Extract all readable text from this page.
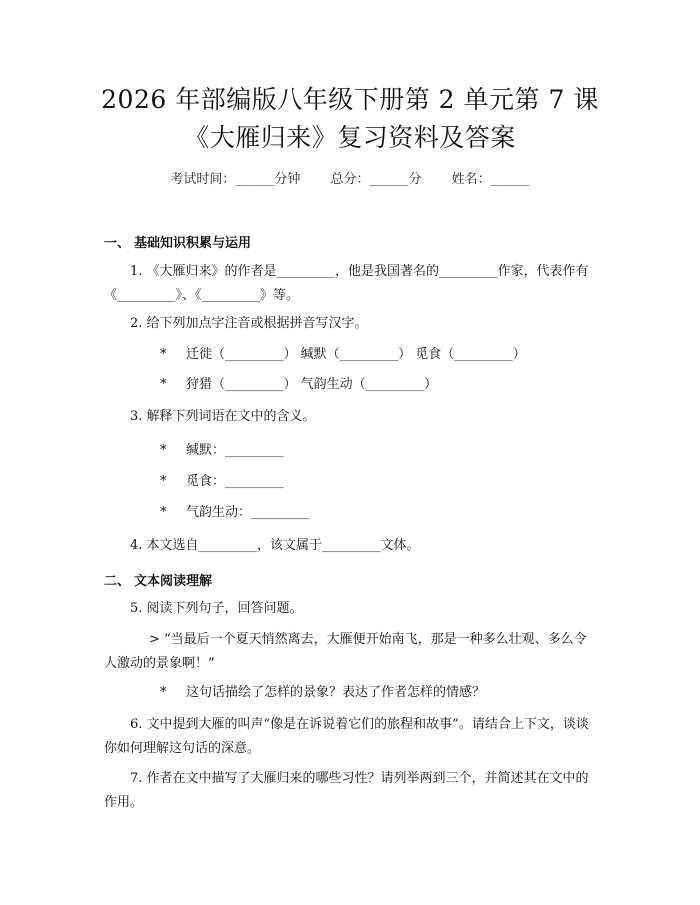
2026 年部编版八年级下册第 2 单元第 7 课
《大雁归来》复习资料及答案
考试时间：______分钟 总分：______分 姓名：______
一、 基础知识积累与运用
1. 《大雁归来》的作者是_________，他是我国著名的_________作家，代表作有《_________》、《_________》等。
2. 给下列加点字注音或根据拼音写汉字。
* 迁徙（_________） 缄默（_________） 觅食（_________）
* 狩猎（_________） 气韵生动（_________）
3. 解释下列词语在文中的含义。
* 缄默：_________
* 觅食：_________
* 气韵生动：_________
4. 本文选自_________，该文属于_________文体。
二、 文本阅读理解
5. 阅读下列句子，回答问题。
> “当最后一个夏天悄然离去，大雁便开始南飞，那是一种多么壮观、多么令人激动的景象啊！”
* 这句话描绘了怎样的景象？表达了作者怎样的情感？
6. 文中提到大雁的叫声“像是在诉说着它们的旅程和故事”。请结合上下文，谈谈你如何理解这句话的深意。
7. 作者在文中描写了大雁归来的哪些习性？请列举两到三个，并简述其在文中的作用。
